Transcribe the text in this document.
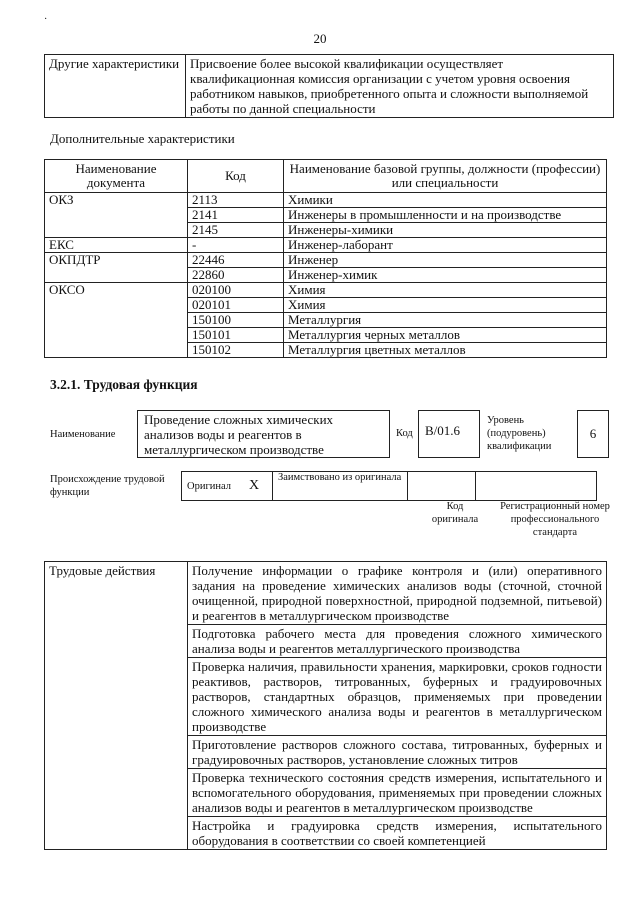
·
20
Другие характеристики	Присвоение более высокой квалификации осуществляет квалификационная комиссия организации с учетом уровня освоения работником навыков, приобретенного опыта и сложности выполняемой работы по данной специальности
Дополнительные характеристики
Наименование документа	Код	Наименование базовой группы, должности (профессии) или специальности
ОКЗ	2113	Химики
	2141	Инженеры в промышленности и на производстве
	2145	Инженеры-химики
ЕКС	-	Инженер-лаборант
ОКПДТР	22446	Инженер
	22860	Инженер-химик
ОКСО	020100	Химия
	020101	Химия
	150100	Металлургия
	150101	Металлургия черных металлов
	150102	Металлургия цветных металлов
3.2.1. Трудовая функция
Наименование
Проведение сложных химических анализов воды и реагентов в металлургическом производстве
Код B/01.6
Уровень (подуровень) квалификации
6
Происхождение трудовой функции
Оригинал	X	Заимствовано из оригинала		
Код оригинала
Регистрационный номер профессионального стандарта
Трудовые действия	Получение информации о графике контроля и (или) оперативного задания на проведение химических анализов воды (сточной, сточной очищенной, природной поверхностной, природной подземной, питьевой) и реагентов в металлургическом производстве
Подготовка рабочего места для проведения сложного химического анализа воды и реагентов металлургического производства
Проверка наличия, правильности хранения, маркировки, сроков годности реактивов, растворов, титрованных, буферных и градуировочных растворов, стандартных образцов, применяемых при проведении сложного химического анализа воды и реагентов в металлургическом производстве
Приготовление растворов сложного состава, титрованных, буферных и градуировочных растворов, установление сложных титров
Проверка технического состояния средств измерения, испытательного и вспомогательного оборудования, применяемых при проведении сложных анализов воды и реагентов в металлургическом производстве
Настройка и градуировка средств измерения, испытательного оборудования в соответствии со своей компетенцией
